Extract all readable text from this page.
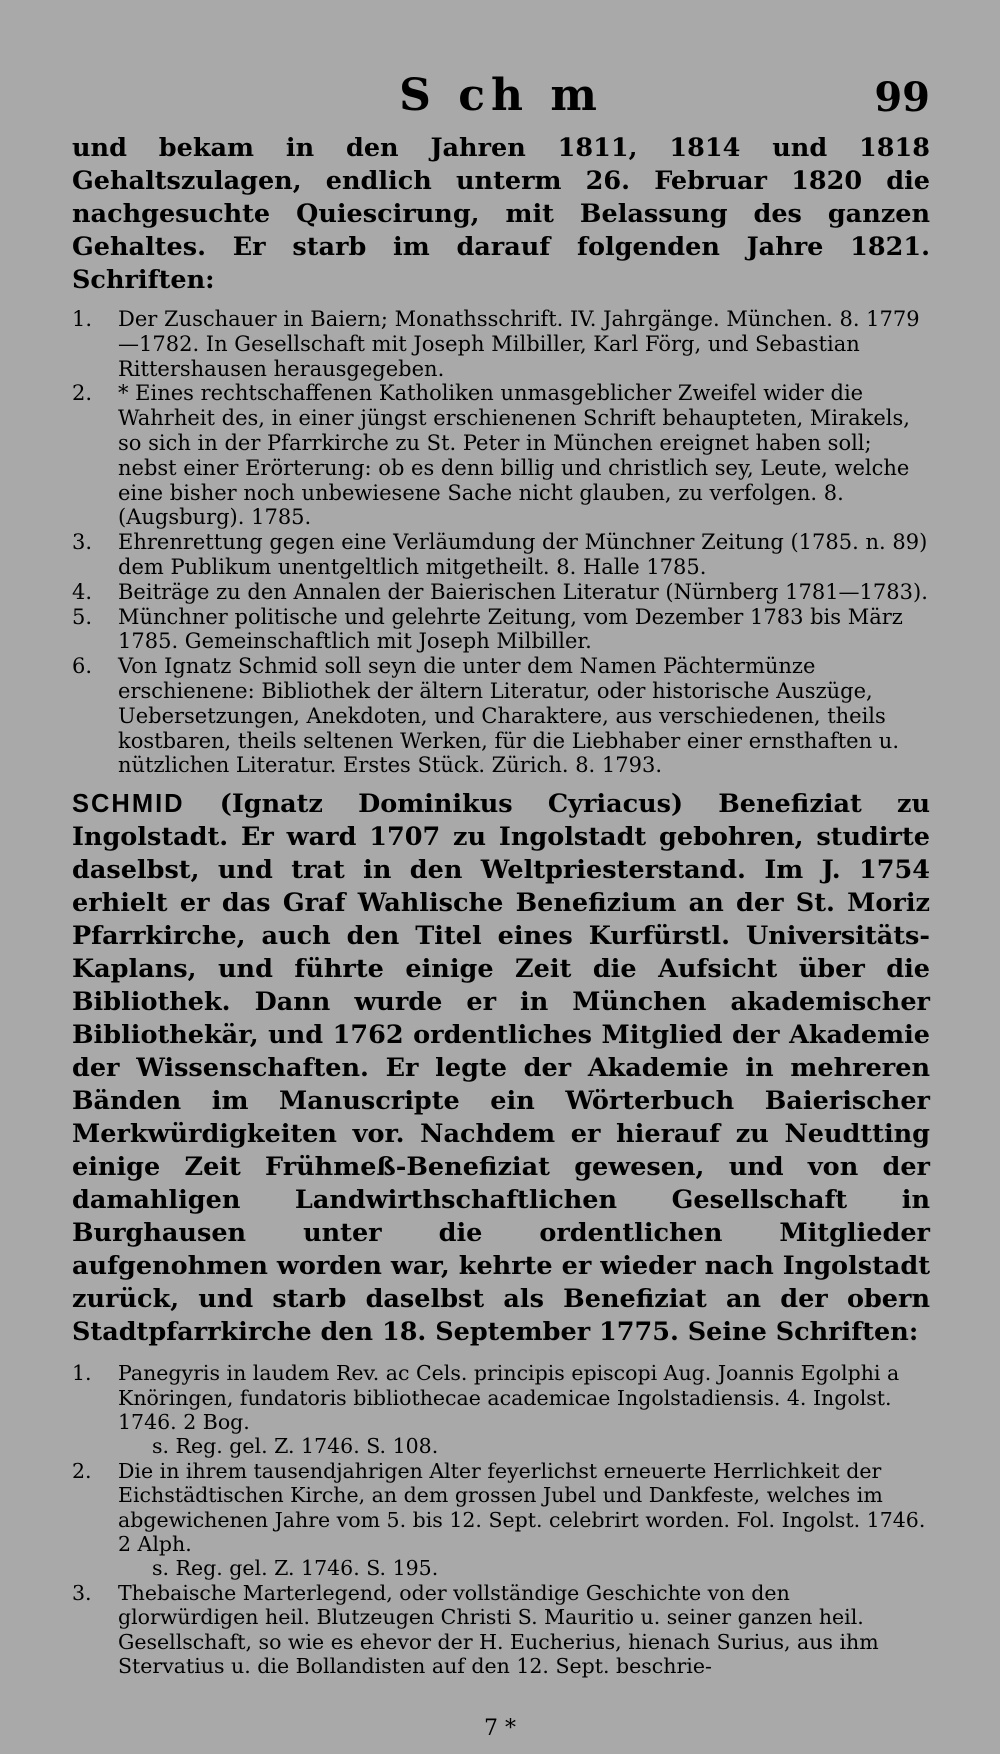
S ch m	99

und bekam in den Jahren 1811, 1814 und 1818 Gehaltszulagen, endlich unterm 26. Februar 1820 die nachgesuchte Quiescirung, mit Belassung des ganzen Gehaltes. Er starb im darauf folgenden Jahre 1821. Schriften:

1.	Der Zuschauer in Baiern; Monathsschrift. IV. Jahrgänge. München. 8. 1779—1782. In Gesellschaft mit Joseph Milbiller, Karl Förg, und Sebastian Rittershausen herausgegeben.
2.	* Eines rechtschaffenen Katholiken unmasgeblicher Zweifel wider die Wahrheit des, in einer jüngst erschienenen Schrift behaupteten, Mirakels, so sich in der Pfarrkirche zu St. Peter in München ereignet haben soll; nebst einer Erörterung: ob es denn billig und christlich sey, Leute, welche eine bisher noch unbewiesene Sache nicht glauben, zu verfolgen. 8. (Augsburg). 1785.
3.	Ehrenrettung gegen eine Verläumdung der Münchner Zeitung (1785. n. 89) dem Publikum unentgeltlich mitgetheilt. 8. Halle 1785.
4.	Beiträge zu den Annalen der Baierischen Literatur (Nürnberg 1781—1783).
5.	Münchner politische und gelehrte Zeitung, vom Dezember 1783 bis März 1785. Gemeinschaftlich mit Joseph Milbiller.
6.	Von Ignatz Schmid soll seyn die unter dem Namen Pächtermünze erschienene: Bibliothek der ältern Literatur, oder historische Auszüge, Uebersetzungen, Anekdoten, und Charaktere, aus verschiedenen, theils kostbaren, theils seltenen Werken, für die Liebhaber einer ernsthaften u. nützlichen Literatur. Erstes Stück. Zürich. 8. 1793.

SCHMID (Ignatz Dominikus Cyriacus) Benefiziat zu Ingolstadt. Er ward 1707 zu Ingolstadt gebohren, studirte daselbst, und trat in den Weltpriesterstand. Im J. 1754 erhielt er das Graf Wahlische Benefizium an der St. Moriz Pfarrkirche, auch den Titel eines Kurfürstl. Universitäts-Kaplans, und führte einige Zeit die Aufsicht über die Bibliothek. Dann wurde er in München akademischer Bibliothekär, und 1762 ordentliches Mitglied der Akademie der Wissenschaften. Er legte der Akademie in mehreren Bänden im Manuscripte ein Wörterbuch Baierischer Merkwürdigkeiten vor. Nachdem er hierauf zu Neudtting einige Zeit Frühmeß-Benefiziat gewesen, und von der damahligen Landwirthschaftlichen Gesellschaft in Burghausen unter die ordentlichen Mitglieder aufgenohmen worden war, kehrte er wieder nach Ingolstadt zurück, und starb daselbst als Benefiziat an der obern Stadtpfarrkirche den 18. September 1775. Seine Schriften:

1.	Panegyris in laudem Rev. ac Cels. principis episcopi Aug. Joannis Egolphi a Knöringen, fundatoris bibliothecae academicae Ingolstadiensis. 4. Ingolst. 1746. 2 Bog.
s. Reg. gel. Z. 1746. S. 108.
2.	Die in ihrem tausendjahrigen Alter feyerlichst erneuerte Herrlichkeit der Eichstädtischen Kirche, an dem grossen Jubel und Dankfeste, welches im abgewichenen Jahre vom 5. bis 12. Sept. celebrirt worden. Fol. Ingolst. 1746. 2 Alph.
s. Reg. gel. Z. 1746. S. 195.
3.	Thebaische Marterlegend, oder vollständige Geschichte von den glorwürdigen heil. Blutzeugen Christi S. Mauritio u. seiner ganzen heil. Gesellschaft, so wie es ehevor der H. Eucherius, hienach Surius, aus ihm Stervatius u. die Bollandisten auf den 12. Sept. beschrie-
7 *
